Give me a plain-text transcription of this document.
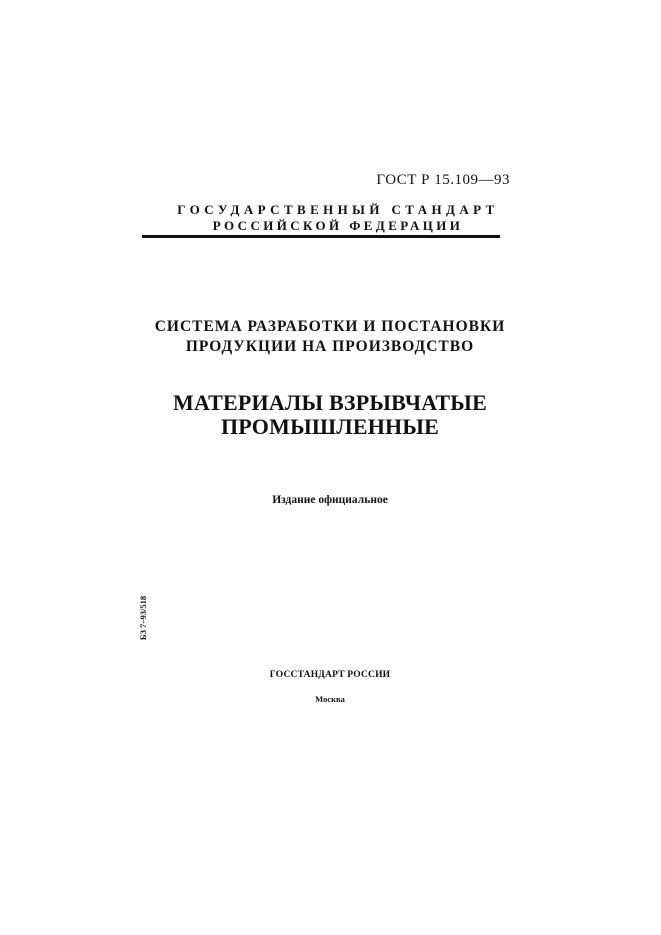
ГОСТ Р 15.109—93
ГОСУДАРСТВЕННЫЙ СТАНДАРТ
РОССИЙСКОЙ ФЕДЕРАЦИИ
СИСТЕМА РАЗРАБОТКИ И ПОСТАНОВКИ
ПРОДУКЦИИ НА ПРОИЗВОДСТВО
МАТЕРИАЛЫ ВЗРЫВЧАТЫЕ
ПРОМЫШЛЕННЫЕ
Издание официальное
БЗ 7–93/518
ГОССТАНДАРТ РОССИИ
Москва
